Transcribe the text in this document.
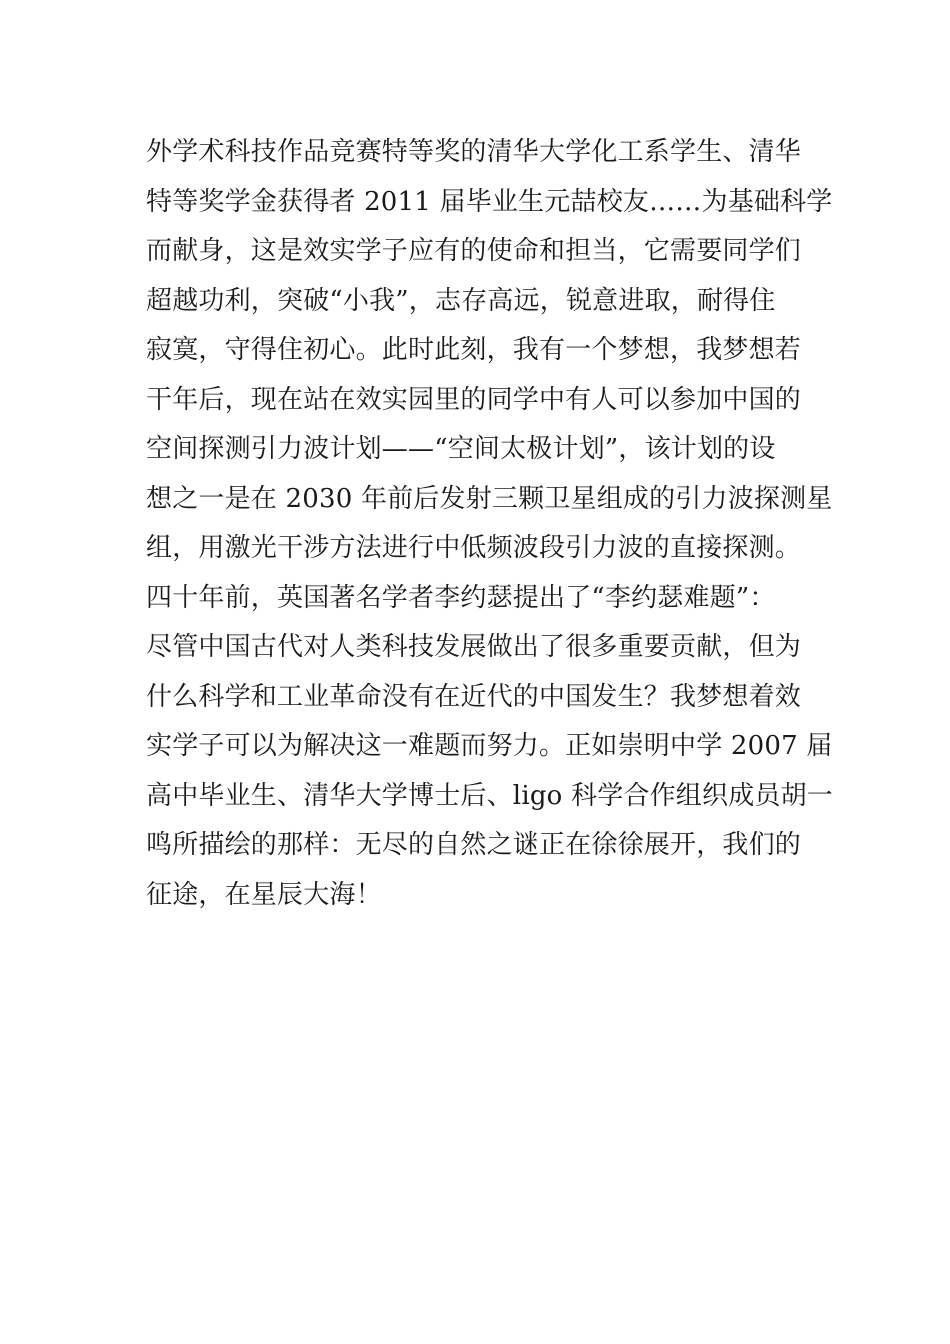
外学术科技作品竞赛特等奖的清华大学化工系学生、清华
特等奖学金获得者 2011 届毕业生元喆校友……为基础科学
而献身，这是效实学子应有的使命和担当，它需要同学们
超越功利，突破“小我”，志存高远，锐意进取，耐得住
寂寞，守得住初心。此时此刻，我有一个梦想，我梦想若
干年后，现在站在效实园里的同学中有人可以参加中国的
空间探测引力波计划——“空间太极计划”，该计划的设
想之一是在 2030 年前后发射三颗卫星组成的引力波探测星
组，用激光干涉方法进行中低频波段引力波的直接探测。
四十年前，英国著名学者李约瑟提出了“李约瑟难题”：
尽管中国古代对人类科技发展做出了很多重要贡献，但为
什么科学和工业革命没有在近代的中国发生？我梦想着效
实学子可以为解决这一难题而努力。正如崇明中学 2007 届
高中毕业生、清华大学博士后、ligo 科学合作组织成员胡一
鸣所描绘的那样：无尽的自然之谜正在徐徐展开，我们的
征途，在星辰大海！
